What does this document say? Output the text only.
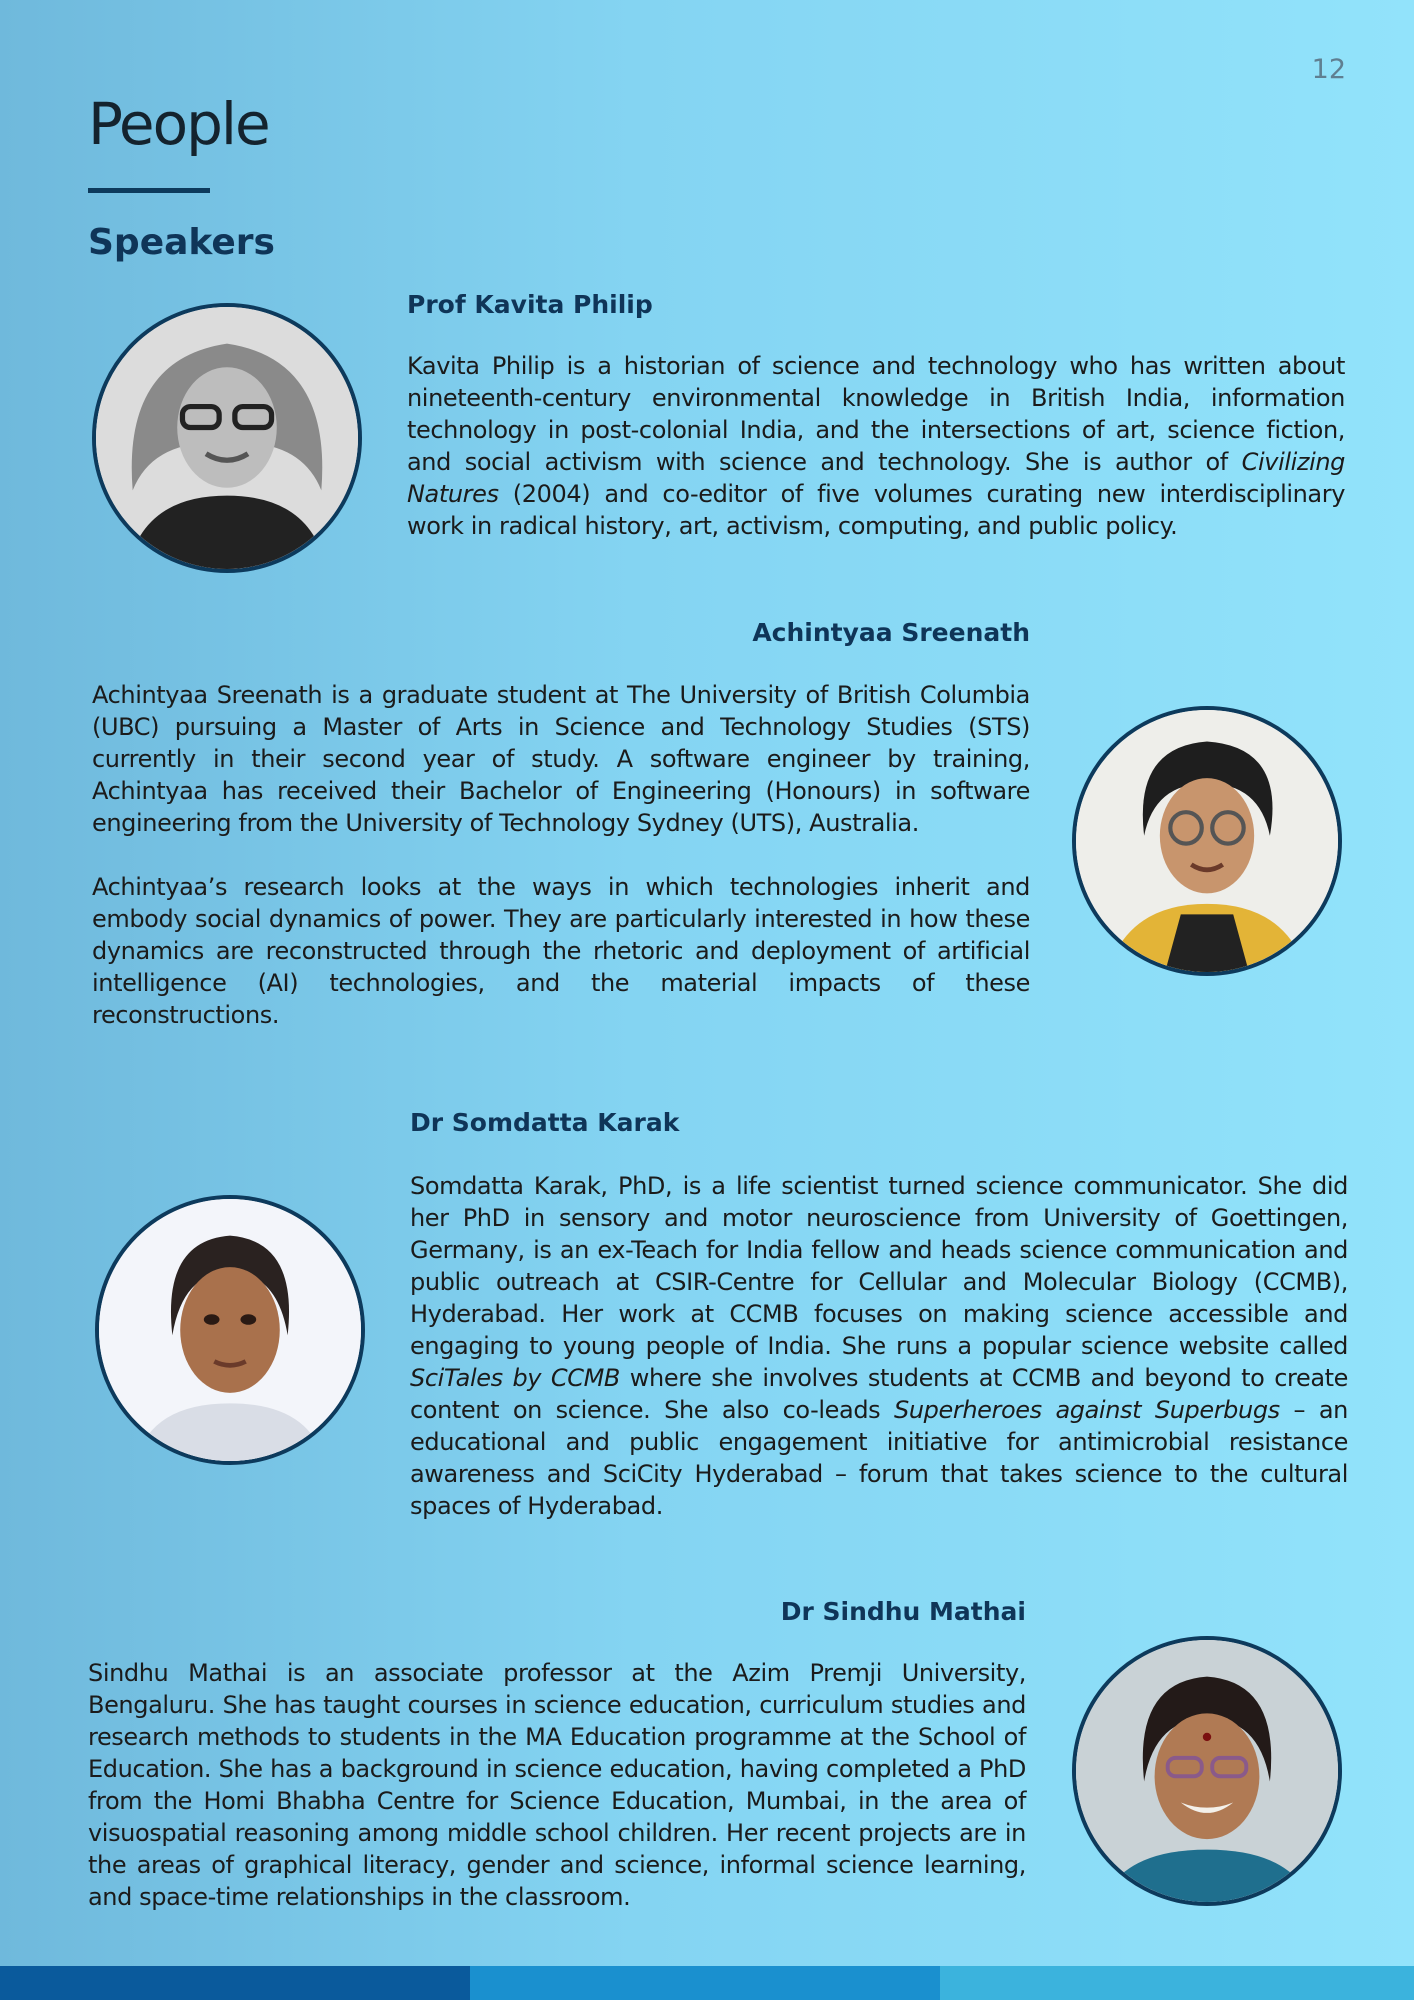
12
People
Speakers
Prof Kavita Philip

Kavita Philip is a historian of science and technology who has written about nineteenth-century environmental knowledge in British India, information technology in post-colonial India, and the intersections of art, science fiction, and social activism with science and technology. She is author of Civilizing Natures (2004) and co-editor of five volumes curating new interdisciplinary work in radical history, art, activism, computing, and public policy.

Achintyaa Sreenath

Achintyaa Sreenath is a graduate student at The University of British Columbia (UBC) pursuing a Master of Arts in Science and Technology Studies (STS) currently in their second year of study. A software engineer by training, Achintyaa has received their Bachelor of Engineering (Honours) in software engineering from the University of Technology Sydney (UTS), Australia.

Achintyaa’s research looks at the ways in which technologies inherit and embody social dynamics of power. They are particularly interested in how these dynamics are reconstructed through the rhetoric and deployment of artificial intelligence (AI) technologies, and the material impacts of these reconstructions.

Dr Somdatta Karak

Somdatta Karak, PhD, is a life scientist turned science communicator. She did her PhD in sensory and motor neuroscience from University of Goettingen, Germany, is an ex-Teach for India fellow and heads science communication and public outreach at CSIR-Centre for Cellular and Molecular Biology (CCMB), Hyderabad. Her work at CCMB focuses on making science accessible and engaging to young people of India. She runs a popular science website called SciTales by CCMB where she involves students at CCMB and beyond to create content on science. She also co-leads Superheroes against Superbugs – an educational and public engagement initiative for antimicrobial resistance awareness and SciCity Hyderabad – forum that takes science to the cultural spaces of Hyderabad.

Dr Sindhu Mathai

Sindhu Mathai is an associate professor at the Azim Premji University, Bengaluru. She has taught courses in science education, curriculum studies and research methods to students in the MA Education programme at the School of Education. She has a background in science education, having completed a PhD from the Homi Bhabha Centre for Science Education, Mumbai, in the area of visuospatial reasoning among middle school children. Her recent projects are in the areas of graphical literacy, gender and science, informal science learning, and space-time relationships in the classroom.
